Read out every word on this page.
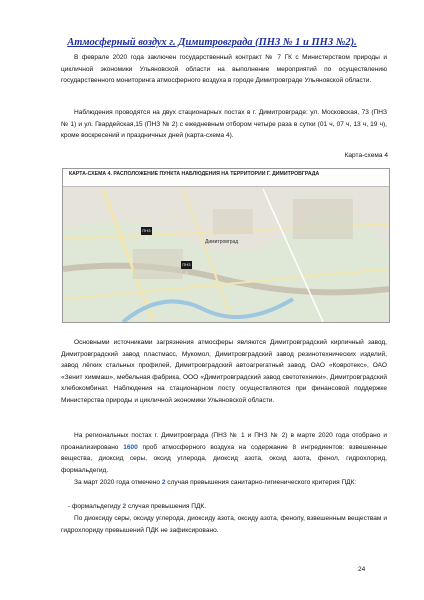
Атмосферный воздух г. Димитровграда (ПНЗ № 1 и ПНЗ №2).
В феврале 2020 года заключен государственный контракт № 7 ГК с Министерством природы и цикличной экономики Ульяновской области на выполнение мероприятий по осуществлению государственного мониторинга атмосферного воздуха в городе Димитровграде Ульяновской области.
Наблюдения проводятся на двух стационарных постах в г. Димитровграде: ул. Московская, 73 (ПНЗ № 1) и ул. Гвардейская,15 (ПНЗ № 2) с ежедневным отбором четыре раза в сутки (01 ч, 07 ч, 13 ч, 19 ч), кроме воскресений и праздничных дней (карта-схема 4).
Карта-схема 4
КАРТА-СХЕМА 4. РАСПОЛОЖЕНИЕ ПУНКТА НАБЛЮДЕНИЯ НА ТЕРРИТОРИИ Г. ДИМИТРОВГРАДА
ПНЗ 1
ПНЗ 2
Димитровград
Основными источниками загрязнения атмосферы являются Димитровградский кирпичный завод, Димитровградский завод пластмасс, Мукомол, Димитровградский завод резинотехнических изделий, завод лёгких стальных профилей, Димитровградский автоагрегатный завод, ОАО «Ковротекс», ОАО «Зенит химмаш», мебельная фабрика, ООО «Димитровградский завод светотехники», Димитровградский хлебокомбинат. Наблюдения на стационарном посту осуществляются при финансовой поддержке Министерства природы и цикличной экономики Ульяновской области.
На региональных постах г. Димитровграда (ПНЗ № 1 и ПНЗ № 2) в марте 2020 года отобрано и проанализировано 1600 проб атмосферного воздуха на содержание 8 ингредиентов: взвешенные вещества, диоксид серы, оксид углерода, диоксид азота, оксид азота, фенол, гидрохлорид, формальдегид.
За март 2020 года отмечено 2 случая превышения санитарно-гигиенического критерия ПДК:
- формальдегиду 2 случая превышения ПДК.
По диоксиду серы, оксиду углерода, диоксиду азота, оксиду азота, фенолу, взвешенным веществам и гидрохлориду превышений ПДК не зафиксировано.
24
